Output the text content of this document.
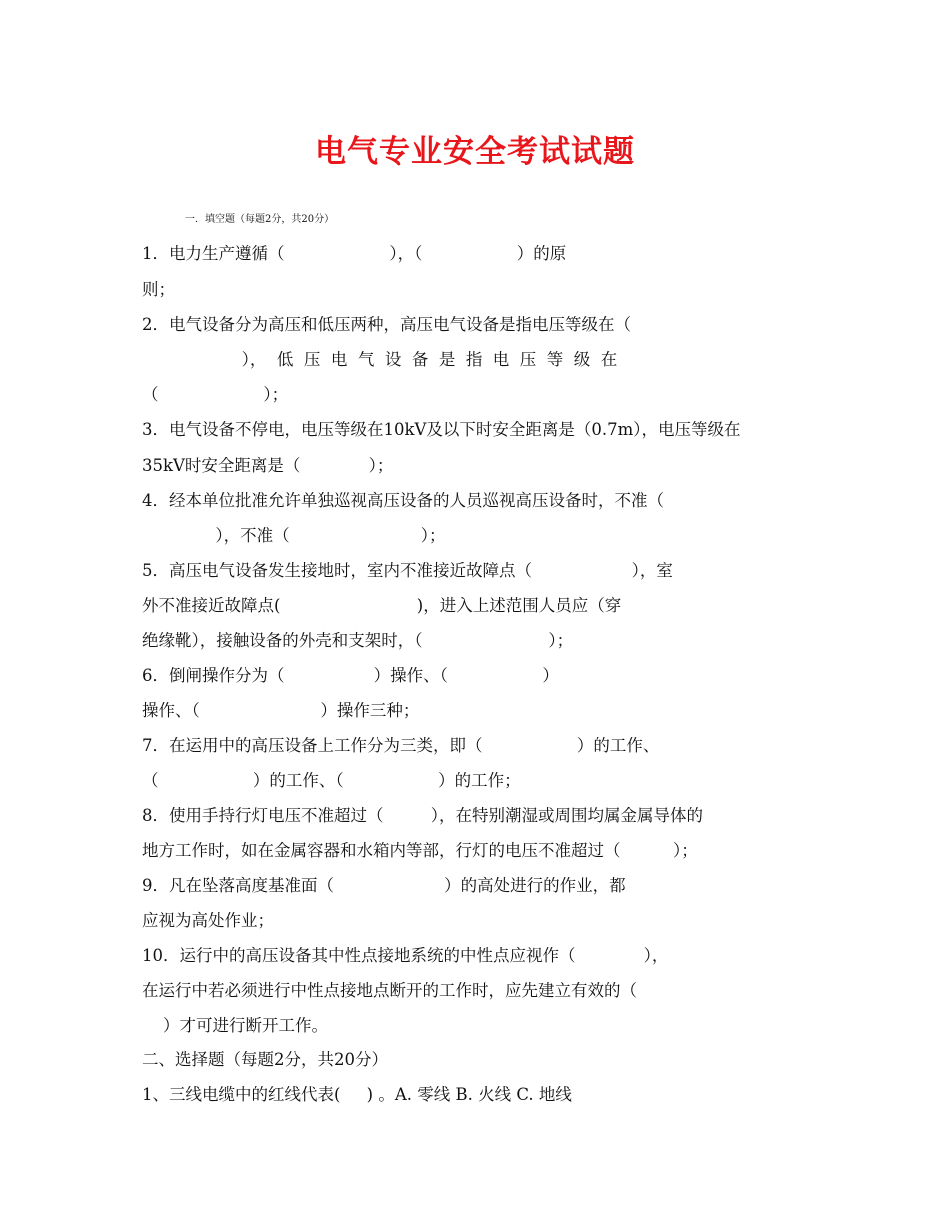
电气专业安全考试试题
一．填空题（每题2分，共20分）
1．电力生产遵循（                    ），（                  ）的原
则；
2．电气设备分为高压和低压两种，高压电气设备是指电压等级在（
），  低  压  电  气  设  备  是  指  电  压  等  级  在
（                    ）；
3．电气设备不停电，电压等级在10kV及以下时安全距离是（0.7m），电压等级在
35kV时安全距离是（             ）；
4．经本单位批准允许单独巡视高压设备的人员巡视高压设备时，不准（
），不准（                         ）；
5．高压电气设备发生接地时，室内不准接近故障点（                   ），室
外不准接近故障点(                          )，进入上述范围人员应（穿
绝缘靴），接触设备的外壳和支架时，（                        ）；
6．倒闸操作分为（                 ）操作、（                  ）
操作、（                       ）操作三种；
7．在运用中的高压设备上工作分为三类，即（                  ）的工作、
（                  ）的工作、（                  ）的工作；
8．使用手持行灯电压不准超过（         ），在特别潮湿或周围均属金属导体的
地方工作时，如在金属容器和水箱内等部，行灯的电压不准超过（          ）；
9．凡在坠落高度基准面（                     ）的高处进行的作业，都
应视为高处作业；
10．运行中的高压设备其中性点接地系统的中性点应视作（             ），
在运行中若必须进行中性点接地点断开的工作时，应先建立有效的（
）才可进行断开工作。
二、选择题（每题2分，共20分）
1、三线电缆中的红线代表(     ) 。A. 零线 B. 火线 C. 地线
